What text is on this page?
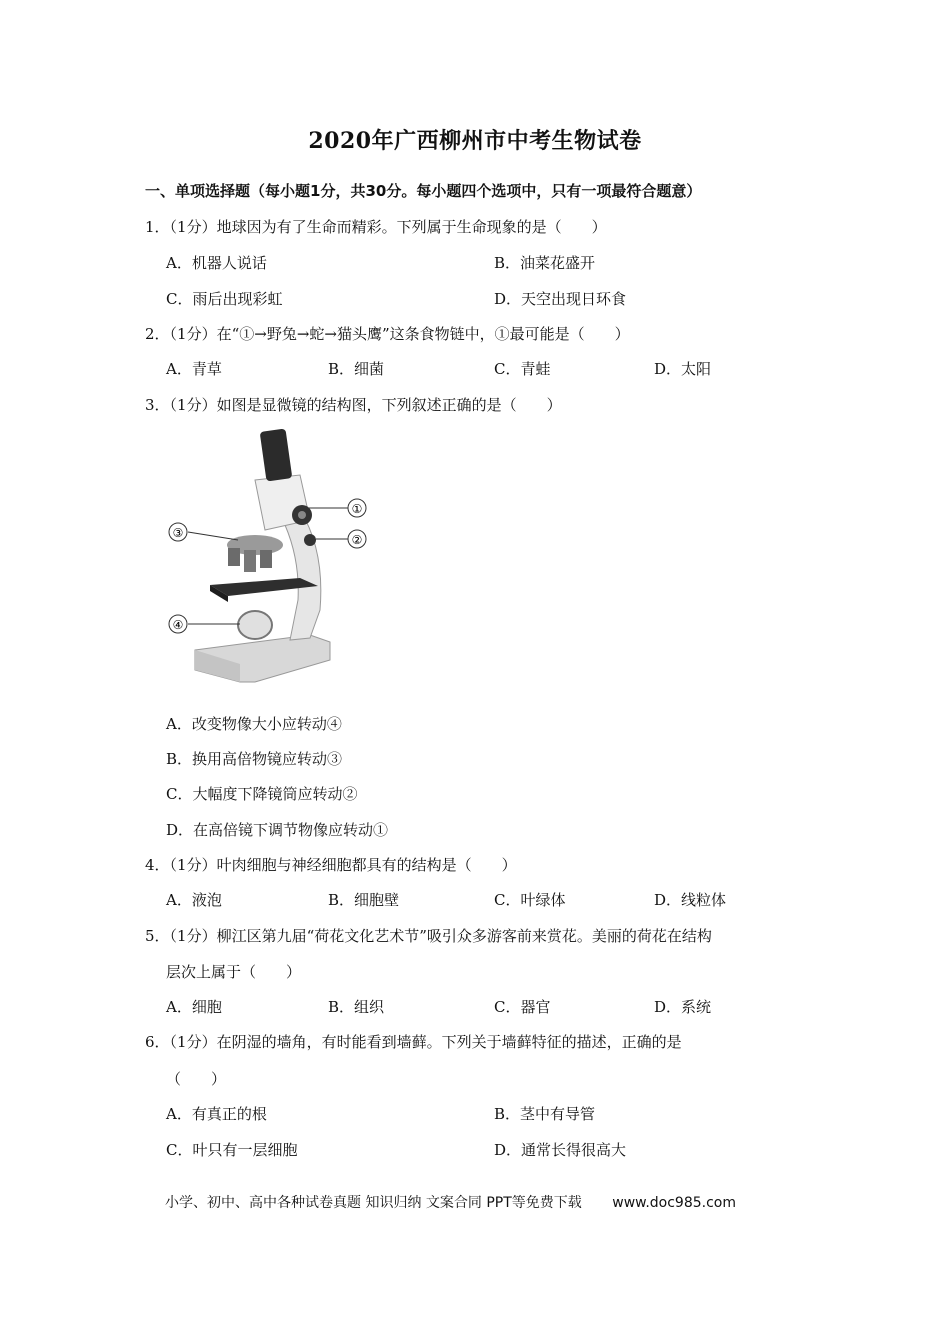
2020年广西柳州市中考生物试卷
一、单项选择题（每小题1分，共30分。每小题四个选项中，只有一项最符合题意）
1．（1分）地球因为有了生命而精彩。下列属于生命现象的是（　　）
A．机器人说话	B．油菜花盛开
C．雨后出现彩虹	D．天空出现日环食
2．（1分）在“①→野兔→蛇→猫头鹰”这条食物链中，①最可能是（　　）
A．青草	B．细菌	C．青蛙	D．太阳
3．（1分）如图是显微镜的结构图，下列叙述正确的是（　　）
①
②
③
④
A．改变物像大小应转动④
B．换用高倍物镜应转动③
C．大幅度下降镜筒应转动②
D．在高倍镜下调节物像应转动①
4．（1分）叶肉细胞与神经细胞都具有的结构是（　　）
A．液泡	B．细胞壁	C．叶绿体	D．线粒体
5．（1分）柳江区第九届“荷花文化艺术节”吸引众多游客前来赏花。美丽的荷花在结构
层次上属于（　　）
A．细胞	B．组织	C．器官	D．系统
6．（1分）在阴湿的墙角，有时能看到墙藓。下列关于墙藓特征的描述，正确的是
（　　）
A．有真正的根	B．茎中有导管
C．叶只有一层细胞	D．通常长得很高大
小学、初中、高中各种试卷真题 知识归纳 文案合同 PPT等免费下载 www.doc985.com
